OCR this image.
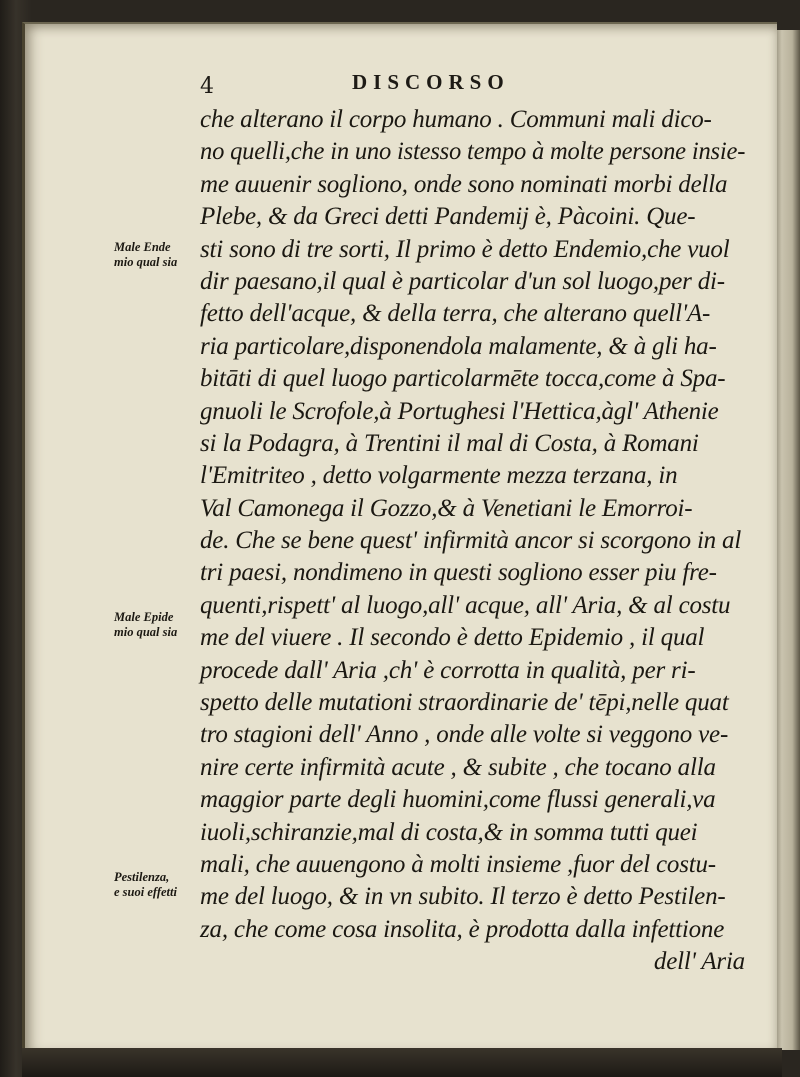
4	DISCORSO
che alterano il corpo humano . Communi mali dico-
no quelli,che in uno istesso tempo à molte persone insie-
me auuenir sogliono, onde sono nominati morbi della
Plebe, & da Greci detti Pandemij è, Pàcoini. Que-
sti sono di tre sorti, Il primo è detto Endemio,che vuol
dir paesano,il qual è particolar d'un sol luogo,per di-
fetto dell'acque, & della terra, che alterano quell'A-
ria particolare,disponendola malamente, & à gli ha-
bitāti di quel luogo particolarmēte tocca,come à Spa-
gnuoli le Scrofole,à Portughesi l'Hettica,àgl' Athenie
si la Podagra, à Trentini il mal di Costa, à Romani
l'Emitriteo , detto volgarmente mezza terzana, in
Val Camonega il Gozzo,& à Venetiani le Emorroi-
de. Che se bene quest' infirmità ancor si scorgono in al
tri paesi, nondimeno in questi sogliono esser piu fre-
quenti,rispett' al luogo,all' acque, all' Aria, & al costu
me del viuere . Il secondo è detto Epidemio , il qual
procede dall' Aria ,ch' è corrotta in qualità, per ri-
spetto delle mutationi straordinarie de' tēpi,nelle quat
tro stagioni dell' Anno , onde alle volte si veggono ve-
nire certe infirmità acute , & subite , che tocano alla
maggior parte degli huomini,come flussi generali,va
iuoli,schiranzie,mal di costa,& in somma tutti quei
mali, che auuengono à molti insieme ,fuor del costu-
me del luogo, & in vn subito. Il terzo è detto Pestilen-
za, che come cosa insolita, è prodotta dalla infettione
dell' Aria
Male Ende
mio qual sia
Male Epide
mio qual sia
Pestilenza,
e suoi effetti
